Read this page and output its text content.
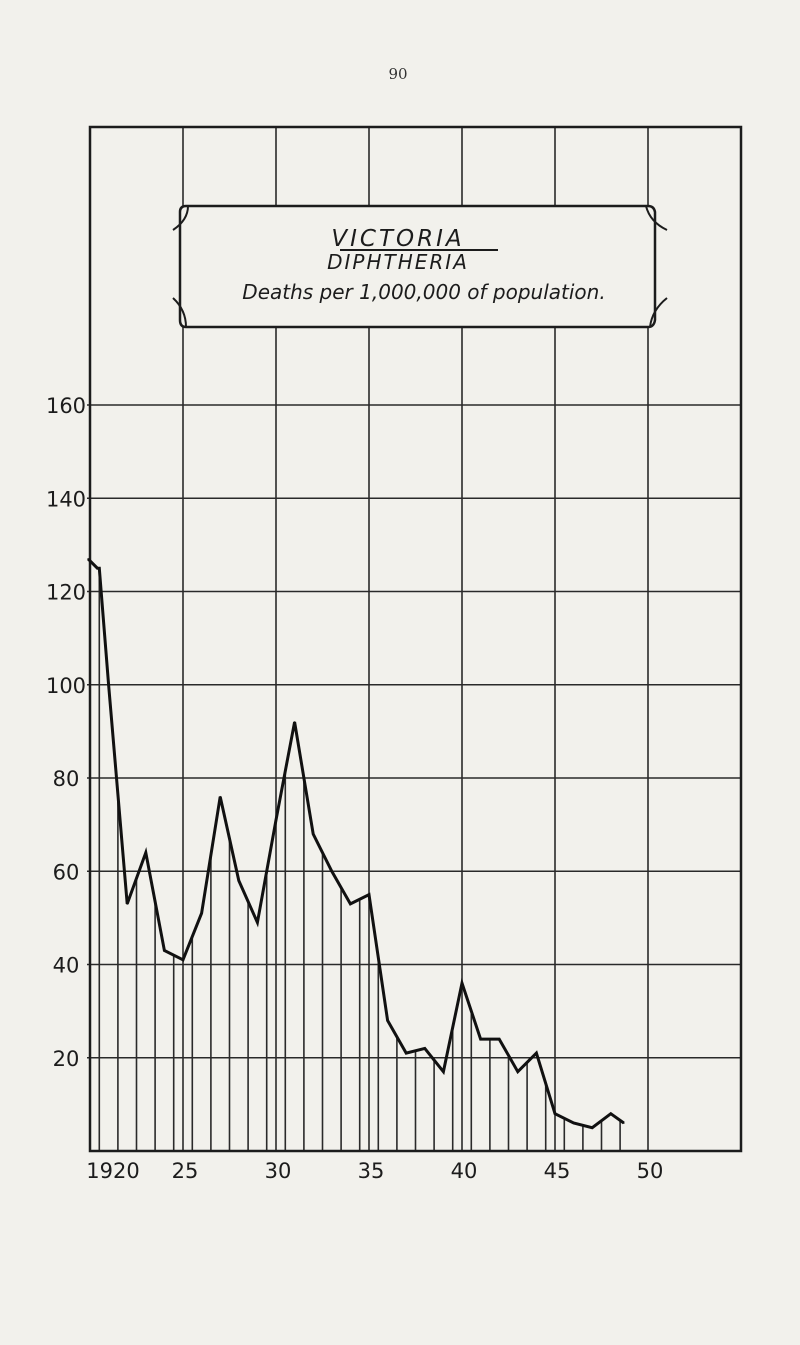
90
VICTORIA
DIPHTHERIA
Deaths per 1,000,000 of population.
20
40
60
80
100
120
140
160
1920 25	30	35	40	45	50
